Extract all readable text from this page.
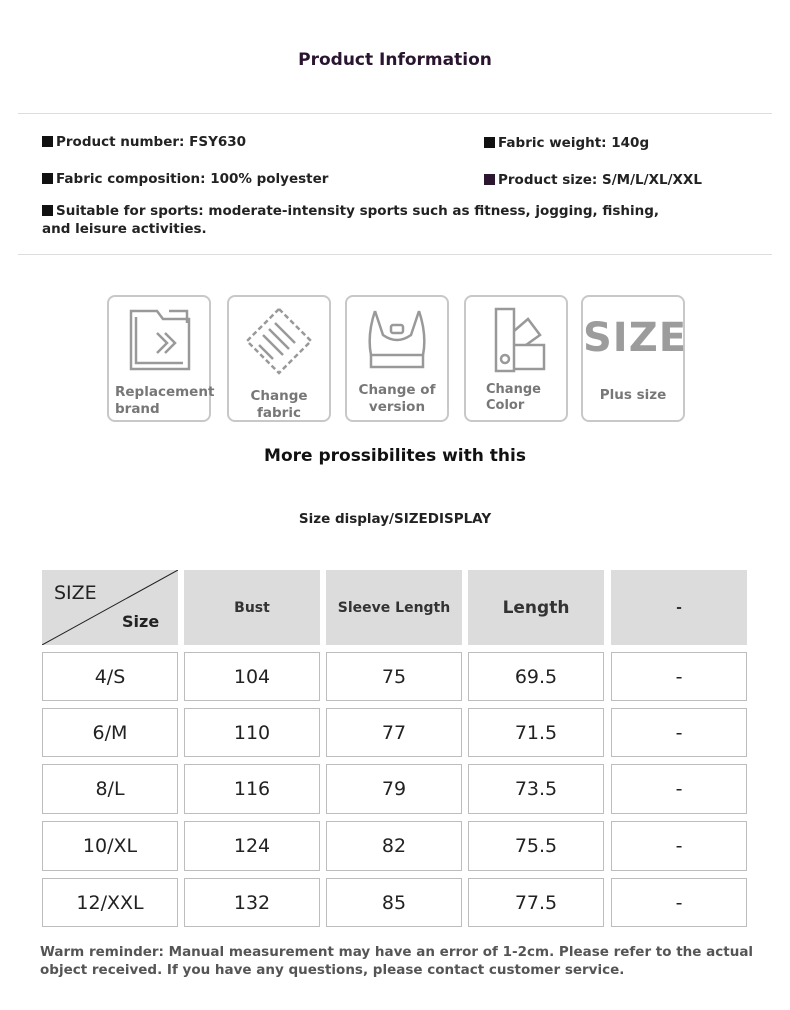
Product Information
Product number: FSY630	Fabric weight: 140g
Fabric composition: 100% polyester	Product size: S/M/L/XL/XXL
Suitable for sports: moderate-intensity sports such as fitness, jogging, fishing,
and leisure activities.
Replacement
brand
Change fabric
Change of
version
Change
Color
SIZE
Plus size
More prossibilites with this
Size display/SIZEDISPLAY
SIZE
Size
Bust	Sleeve Length	Length	-
4/S	104	75	69.5	-
6/M	110	77	71.5	-
8/L	116	79	73.5	-
10/XL	124	82	75.5	-
12/XXL	132	85	77.5	-
Warm reminder: Manual measurement may have an error of 1-2cm. Please refer to the actual
object received. If you have any questions, please contact customer service.
